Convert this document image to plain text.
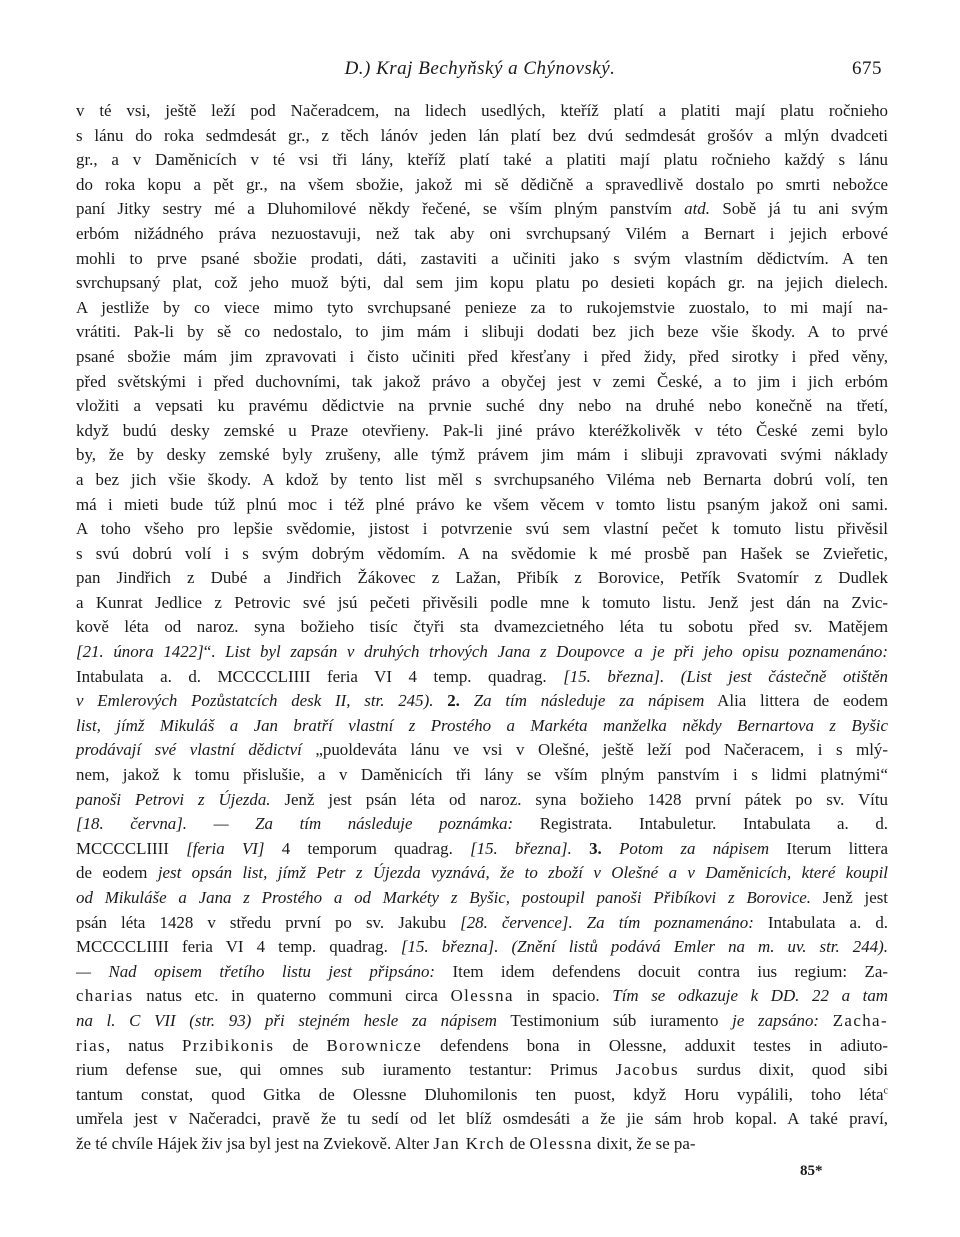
D.) Kraj Bechyňský a Chýnovský.	675
v té vsi, ještě leží pod Načeradcem, na lidech usedlých, kteříž platí a platiti mají platu ročnieho
s lánu do roka sedmdesát gr., z těch lánóv jeden lán platí bez dvú sedmdesát grošóv a mlýn dvadceti
gr., a v Daměnicích v té vsi tři lány, kteříž platí také a platiti mají platu ročnieho každý s lánu
do roka kopu a pět gr., na všem sbožie, jakož mi sě dědičně a spravedlivě dostalo po smrti nebožce
paní Jitky sestry mé a Dluhomilové někdy řečené, se vším plným panstvím atd. Sobě já tu ani svým
erbóm nižádného práva nezuostavuji, než tak aby oni svrchupsaný Vilém a Bernart i jejich erbové
mohli to prve psané sbožie prodati, dáti, zastaviti a učiniti jako s svým vlastním dědictvím. A ten
svrchupsaný plat, což jeho muož býti, dal sem jim kopu platu po desieti kopách gr. na jejich dielech.
A jestliže by co viece mimo tyto svrchupsané penieze za to rukojemstvie zuostalo, to mi mají na-
vrátiti. Pak-li by sě co nedostalo, to jim mám i slibuji dodati bez jich beze všie škody. A to prvé
psané sbožie mám jim zpravovati i čisto učiniti před křesťany i před židy, před sirotky i před věny,
před světskými i před duchovními, tak jakož právo a obyčej jest v zemi České, a to jim i jich erbóm
vložiti a vepsati ku pravému dědictvie na prvnie suché dny nebo na druhé nebo konečně na třetí,
když budú desky zemské u Praze otevřieny. Pak-li jiné právo kteréžkolivěk v této České zemi bylo
by, že by desky zemské byly zrušeny, alle týmž právem jim mám i slibuji zpravovati svými náklady
a bez jich všie škody. A kdož by tento list měl s svrchupsaného Viléma neb Bernarta dobrú volí, ten
má i mieti bude túž plnú moc i též plné právo ke všem věcem v tomto listu psaným jakož oni sami.
A toho všeho pro lepšie svědomie, jistost i potvrzenie svú sem vlastní pečet k tomuto listu přivěsil
s svú dobrú volí i s svým dobrým vědomím. A na svědomie k mé prosbě pan Hašek se Zvieřetic,
pan Jindřich z Dubé a Jindřich Žákovec z Lažan, Přibík z Borovice, Petřík Svatomír z Dudlek
a Kunrat Jedlice z Petrovic své jsú pečeti přivěsili podle mne k tomuto listu. Jenž jest dán na Zvic-
kově léta od naroz. syna božieho tisíc čtyři sta dvamezcietného léta tu sobotu před sv. Matějem
[21. února 1422]“. List byl zapsán v druhých trhových Jana z Doupovce a je při jeho opisu poznamenáno:
Intabulata a. d. MCCCCLIIII feria VI 4 temp. quadrag. [15. března]. (List jest částečně otištěn
v Emlerových Pozůstatcích desk II, str. 245). 2. Za tím následuje za nápisem Alia littera de eodem
list, jímž Mikuláš a Jan bratří vlastní z Prostého a Markéta manželka někdy Bernartova z Byšic
prodávají své vlastní dědictví „puoldeváta lánu ve vsi v Olešné, ještě leží pod Načeracem, i s mlý-
nem, jakož k tomu přislušie, a v Daměnicích tři lány se vším plným panstvím i s lidmi platnými“
panoši Petrovi z Újezda. Jenž jest psán léta od naroz. syna božieho 1428 první pátek po sv. Vítu
[18. června]. — Za tím následuje poznámka: Registrata. Intabuletur. Intabulata a. d.
MCCCCLIIII [feria VI] 4 temporum quadrag. [15. března]. 3. Potom za nápisem Iterum littera
de eodem jest opsán list, jímž Petr z Újezda vyznává, že to zboží v Olešné a v Daměnicích, které koupil
od Mikuláše a Jana z Prostého a od Markéty z Byšic, postoupil panoši Přibíkovi z Borovice. Jenž jest
psán léta 1428 v středu první po sv. Jakubu [28. července]. Za tím poznamenáno: Intabulata a. d.
MCCCCLIIII feria VI 4 temp. quadrag. [15. března]. (Znění listů podává Emler na m. uv. str. 244).
— Nad opisem třetího listu jest připsáno: Item idem defendens docuit contra ius regium: Za-
charias natus etc. in quaterno communi circa Olessna in spacio. Tím se odkazuje k DD. 22 a tam
na l. C VII (str. 93) při stejném hesle za nápisem Testimonium súb iuramento je zapsáno: Zacha-
rias, natus Przibikonis de Borownicze defendens bona in Olessne, adduxit testes in adiuto-
rium defense sue, qui omnes sub iuramento testantur: Primus Jacobus surdus dixit, quod sibi
tantum constat, quod Gitka de Olessne Dluhomilonis ten puost, když Horu vypálili, toho léta$^c$
umřela jest v Načeradci, pravě že tu sedí od let blíž osmdesáti a že jie sám hrob kopal. A také praví,
že té chvíle Hájek živ jsa byl jest na Zviekově. Alter Jan Krch de Olessna dixit, že se pa-
85*
